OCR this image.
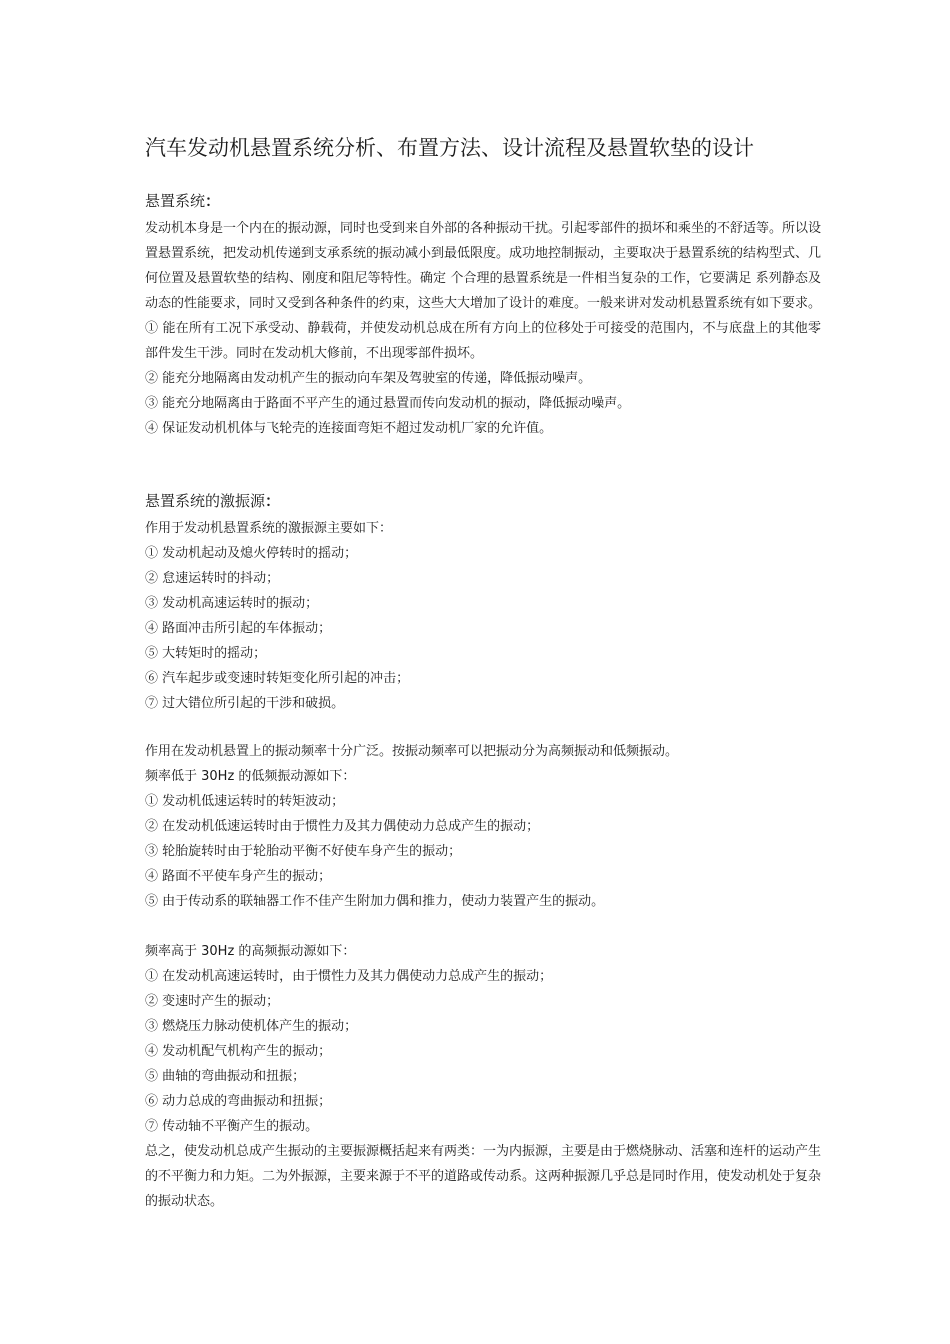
汽车发动机悬置系统分析、布置方法、设计流程及悬置软垫的设计
悬置系统：

发动机本身是一个内在的振动源，同时也受到来自外部的各种振动干扰。引起零部件的损坏和乘坐的不舒适等。所以设置悬置系统，把发动机传递到支承系统的振动减小到最低限度。成功地控制振动，主要取决于悬置系统的结构型式、几何位置及悬置软垫的结构、刚度和阻尼等特性。确定 个合理的悬置系统是一件相当复杂的工作，它要满足 系列静态及动态的性能要求，同时又受到各种条件的约束，这些大大增加了设计的难度。一般来讲对发动机悬置系统有如下要求。

① 能在所有工况下承受动、静载荷，并使发动机总成在所有方向上的位移处于可接受的范围内，不与底盘上的其他零部件发生干涉。同时在发动机大修前，不出现零部件损坏。

② 能充分地隔离由发动机产生的振动向车架及驾驶室的传递，降低振动噪声。

③ 能充分地隔离由于路面不平产生的通过悬置而传向发动机的振动，降低振动噪声。

④ 保证发动机机体与飞轮壳的连接面弯矩不超过发动机厂家的允许值。

悬置系统的激振源：

作用于发动机悬置系统的激振源主要如下：

① 发动机起动及熄火停转时的摇动；

② 怠速运转时的抖动；

③ 发动机高速运转时的振动；

④ 路面冲击所引起的车体振动；

⑤ 大转矩时的摇动；

⑥ 汽车起步或变速时转矩变化所引起的冲击；

⑦ 过大错位所引起的干涉和破损。

作用在发动机悬置上的振动频率十分广泛。按振动频率可以把振动分为高频振动和低频振动。

频率低于 30Hz 的低频振动源如下：

① 发动机低速运转时的转矩波动；

② 在发动机低速运转时由于惯性力及其力偶使动力总成产生的振动；

③ 轮胎旋转时由于轮胎动平衡不好使车身产生的振动；

④ 路面不平使车身产生的振动；

⑤ 由于传动系的联轴器工作不佳产生附加力偶和推力，使动力装置产生的振动。

频率高于 30Hz 的高频振动源如下：

① 在发动机高速运转时，由于惯性力及其力偶使动力总成产生的振动；

② 变速时产生的振动；

③ 燃烧压力脉动使机体产生的振动；

④ 发动机配气机构产生的振动；

⑤ 曲轴的弯曲振动和扭振；

⑥ 动力总成的弯曲振动和扭振；

⑦ 传动轴不平衡产生的振动。

总之，使发动机总成产生振动的主要振源概括起来有两类：一为内振源，主要是由于燃烧脉动、活塞和连杆的运动产生的不平衡力和力矩。二为外振源，主要来源于不平的道路或传动系。这两种振源几乎总是同时作用，使发动机处于复杂的振动状态。
